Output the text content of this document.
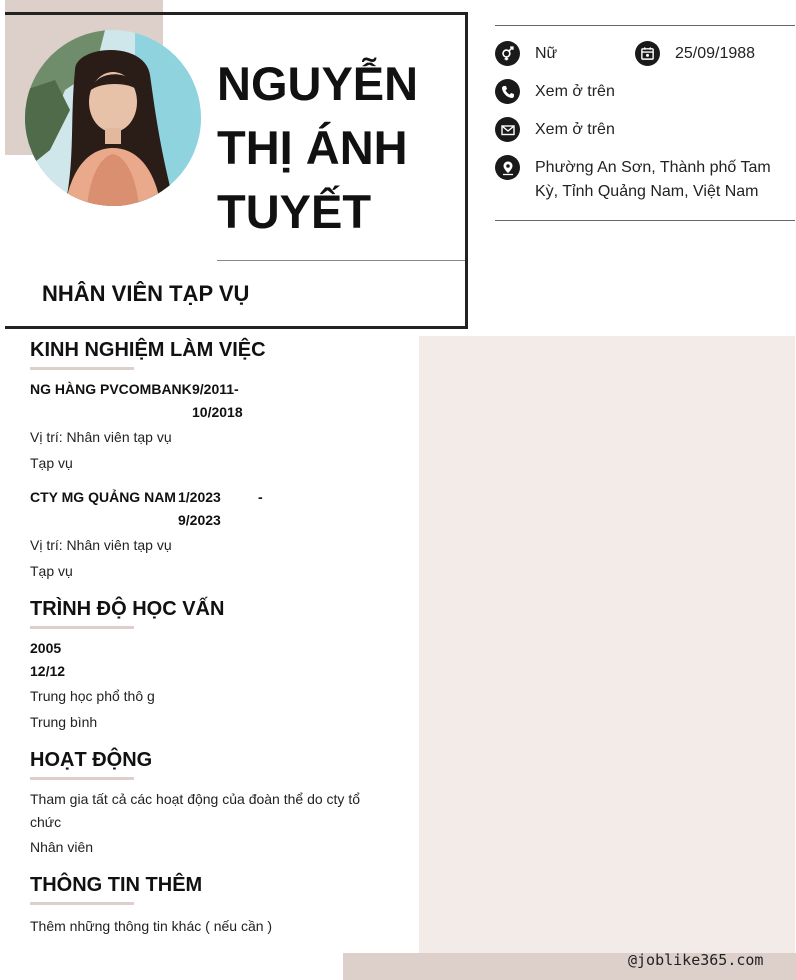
NGUYỄN
THỊ ÁNH
TUYẾT
NHÂN VIÊN TẠP VỤ
Nữ	25/09/1988
Xem ở trên
Xem ở trên
Phường An Sơn, Thành phố Tam Kỳ, Tỉnh Quảng Nam, Việt Nam
KINH NGHIỆM LÀM VIỆC
NG HÀNG PVCOMBANK 9/2011-
10/2018
Vị trí: Nhân viên tạp vụ
Tạp vụ
CTY MG QUẢNG NAM 1/2023	-
9/2023
Vị trí: Nhân viên tạp vụ
Tạp vụ
TRÌNH ĐỘ HỌC VẤN
2005
12/12
Trung học phổ thô g
Trung bình
HOẠT ĐỘNG
Tham gia tất cả các hoạt động của đoàn thể do cty tổ chức
Nhân viên
THÔNG TIN THÊM
Thêm những thông tin khác ( nếu cần )
@joblike365.com
